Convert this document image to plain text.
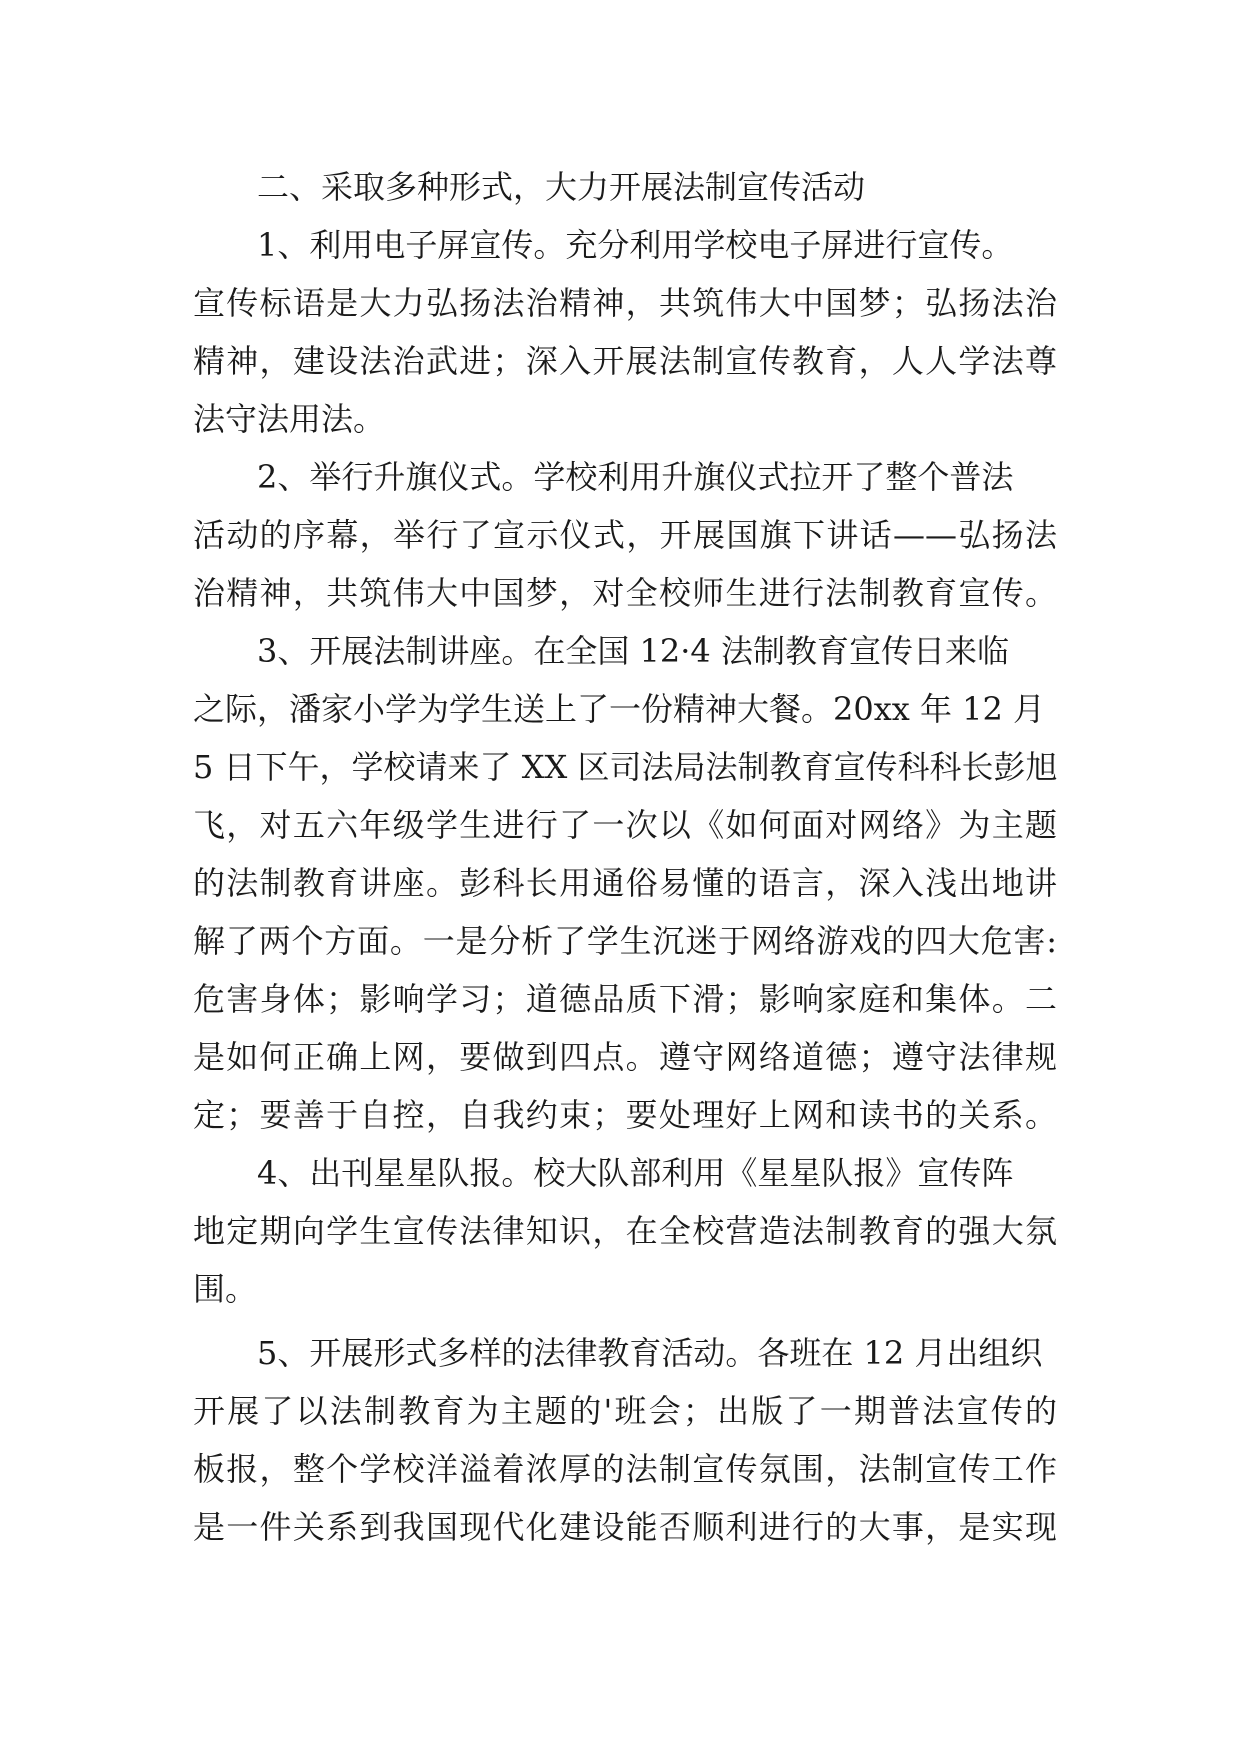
二、采取多种形式，大力开展法制宣传活动
1、利用电子屏宣传。充分利用学校电子屏进行宣传。
宣传标语是大力弘扬法治精神，共筑伟大中国梦；弘扬法治
精神，建设法治武进；深入开展法制宣传教育，人人学法尊
法守法用法。
2、举行升旗仪式。学校利用升旗仪式拉开了整个普法
活动的序幕，举行了宣示仪式，开展国旗下讲话——弘扬法
治精神，共筑伟大中国梦，对全校师生进行法制教育宣传。
3、开展法制讲座。在全国 12·4 法制教育宣传日来临
之际，潘家小学为学生送上了一份精神大餐。20xx 年 12 月
5 日下午，学校请来了 XX 区司法局法制教育宣传科科长彭旭
飞，对五六年级学生进行了一次以《如何面对网络》为主题
的法制教育讲座。彭科长用通俗易懂的语言，深入浅出地讲
解了两个方面。一是分析了学生沉迷于网络游戏的四大危害:
危害身体；影响学习；道德品质下滑；影响家庭和集体。二
是如何正确上网，要做到四点。遵守网络道德；遵守法律规
定；要善于自控，自我约束；要处理好上网和读书的关系。
4、出刊星星队报。校大队部利用《星星队报》宣传阵
地定期向学生宣传法律知识，在全校营造法制教育的强大氛
围。
5、开展形式多样的法律教育活动。各班在 12 月出组织
开展了以法制教育为主题的'班会；出版了一期普法宣传的
板报，整个学校洋溢着浓厚的法制宣传氛围，法制宣传工作
是一件关系到我国现代化建设能否顺利进行的大事，是实现
